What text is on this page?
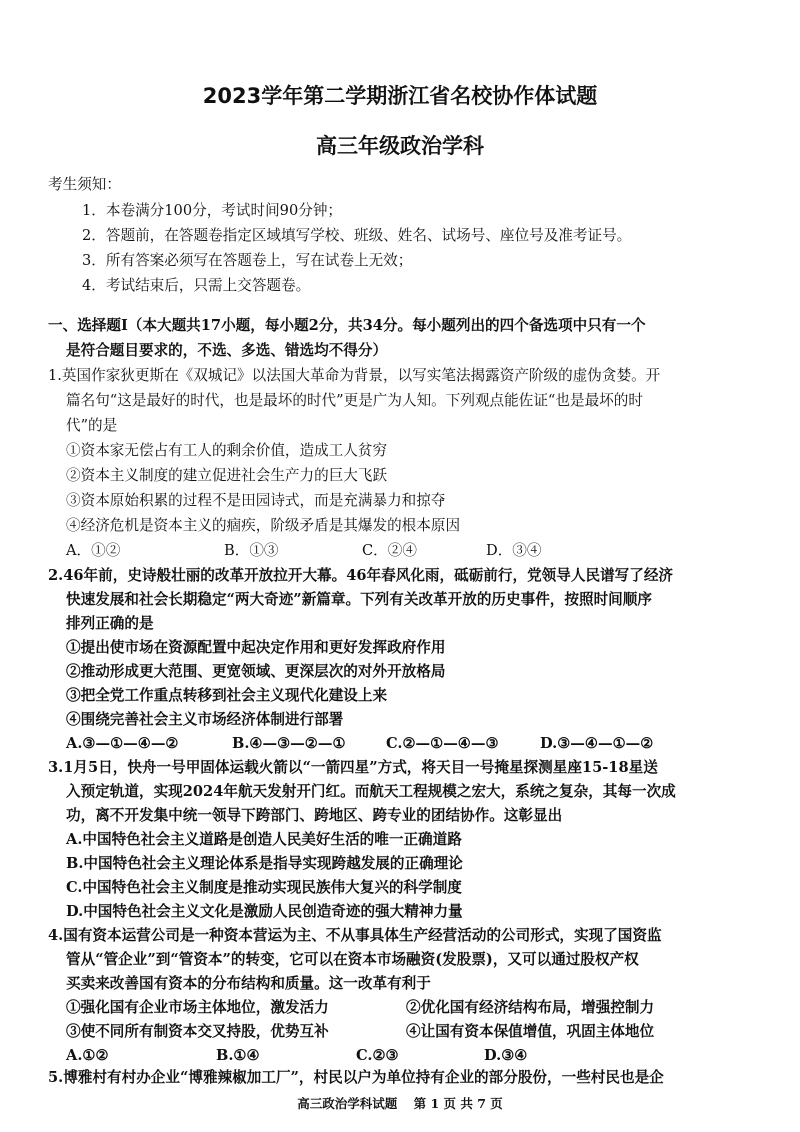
2023学年第二学期浙江省名校协作体试题
高三年级政治学科
考生须知：
1．本卷满分100分，考试时间90分钟；
2．答题前，在答题卷指定区域填写学校、班级、姓名、试场号、座位号及准考证号。
3．所有答案必须写在答题卷上，写在试卷上无效；
4．考试结束后，只需上交答题卷。
一、选择题Ⅰ（本大题共17小题，每小题2分，共34分。每小题列出的四个备选项中只有一个
是符合题目要求的，不选、多选、错选均不得分）
1.英国作家狄更斯在《双城记》以法国大革命为背景，以写实笔法揭露资产阶级的虚伪贪婪。开
篇名句“这是最好的时代，也是最坏的时代”更是广为人知。下列观点能佐证“也是最坏的时
代”的是
①资本家无偿占有工人的剩余价值，造成工人贫穷
②资本主义制度的建立促进社会生产力的巨大飞跃
③资本原始积累的过程不是田园诗式，而是充满暴力和掠夺
④经济危机是资本主义的痼疾，阶级矛盾是其爆发的根本原因
A．①②	B．①③	C．②④	D．③④
2.46年前，史诗般壮丽的改革开放拉开大幕。46年春风化雨，砥砺前行，党领导人民谱写了经济
快速发展和社会长期稳定“两大奇迹”新篇章。下列有关改革开放的历史事件，按照时间顺序
排列正确的是
①提出使市场在资源配置中起决定作用和更好发挥政府作用
②推动形成更大范围、更宽领域、更深层次的对外开放格局
③把全党工作重点转移到社会主义现代化建设上来
④围绕完善社会主义市场经济体制进行部署
A.③—①—④—②	B.④—③—②—①	C.②—①—④—③	D.③—④—①—②
3.1月5日，快舟一号甲固体运载火箭以“一箭四星”方式，将天目一号掩星探测星座15-18星送
入预定轨道，实现2024年航天发射开门红。而航天工程规模之宏大，系统之复杂，其每一次成
功，离不开发集中统一领导下跨部门、跨地区、跨专业的团结协作。这彰显出
A.中国特色社会主义道路是创造人民美好生活的唯一正确道路
B.中国特色社会主义理论体系是指导实现跨越发展的正确理论
C.中国特色社会主义制度是推动实现民族伟大复兴的科学制度
D.中国特色社会主义文化是激励人民创造奇迹的强大精神力量
4.国有资本运营公司是一种资本营运为主、不从事具体生产经营活动的公司形式，实现了国资监
管从“管企业”到“管资本”的转变，它可以在资本市场融资(发股票)，又可以通过股权产权
买卖来改善国有资本的分布结构和质量。这一改革有利于
①强化国有企业市场主体地位，激发活力	②优化国有经济结构布局，增强控制力
③使不同所有制资本交叉持股，优势互补	④让国有资本保值增值，巩固主体地位
A.①②	B.①④	C.②③	D.③④
高三政治学科试题 第 1 页 共 7 页
5.博雅村有村办企业“博雅辣椒加工厂”，村民以户为单位持有企业的部分股份，一些村民也是企
